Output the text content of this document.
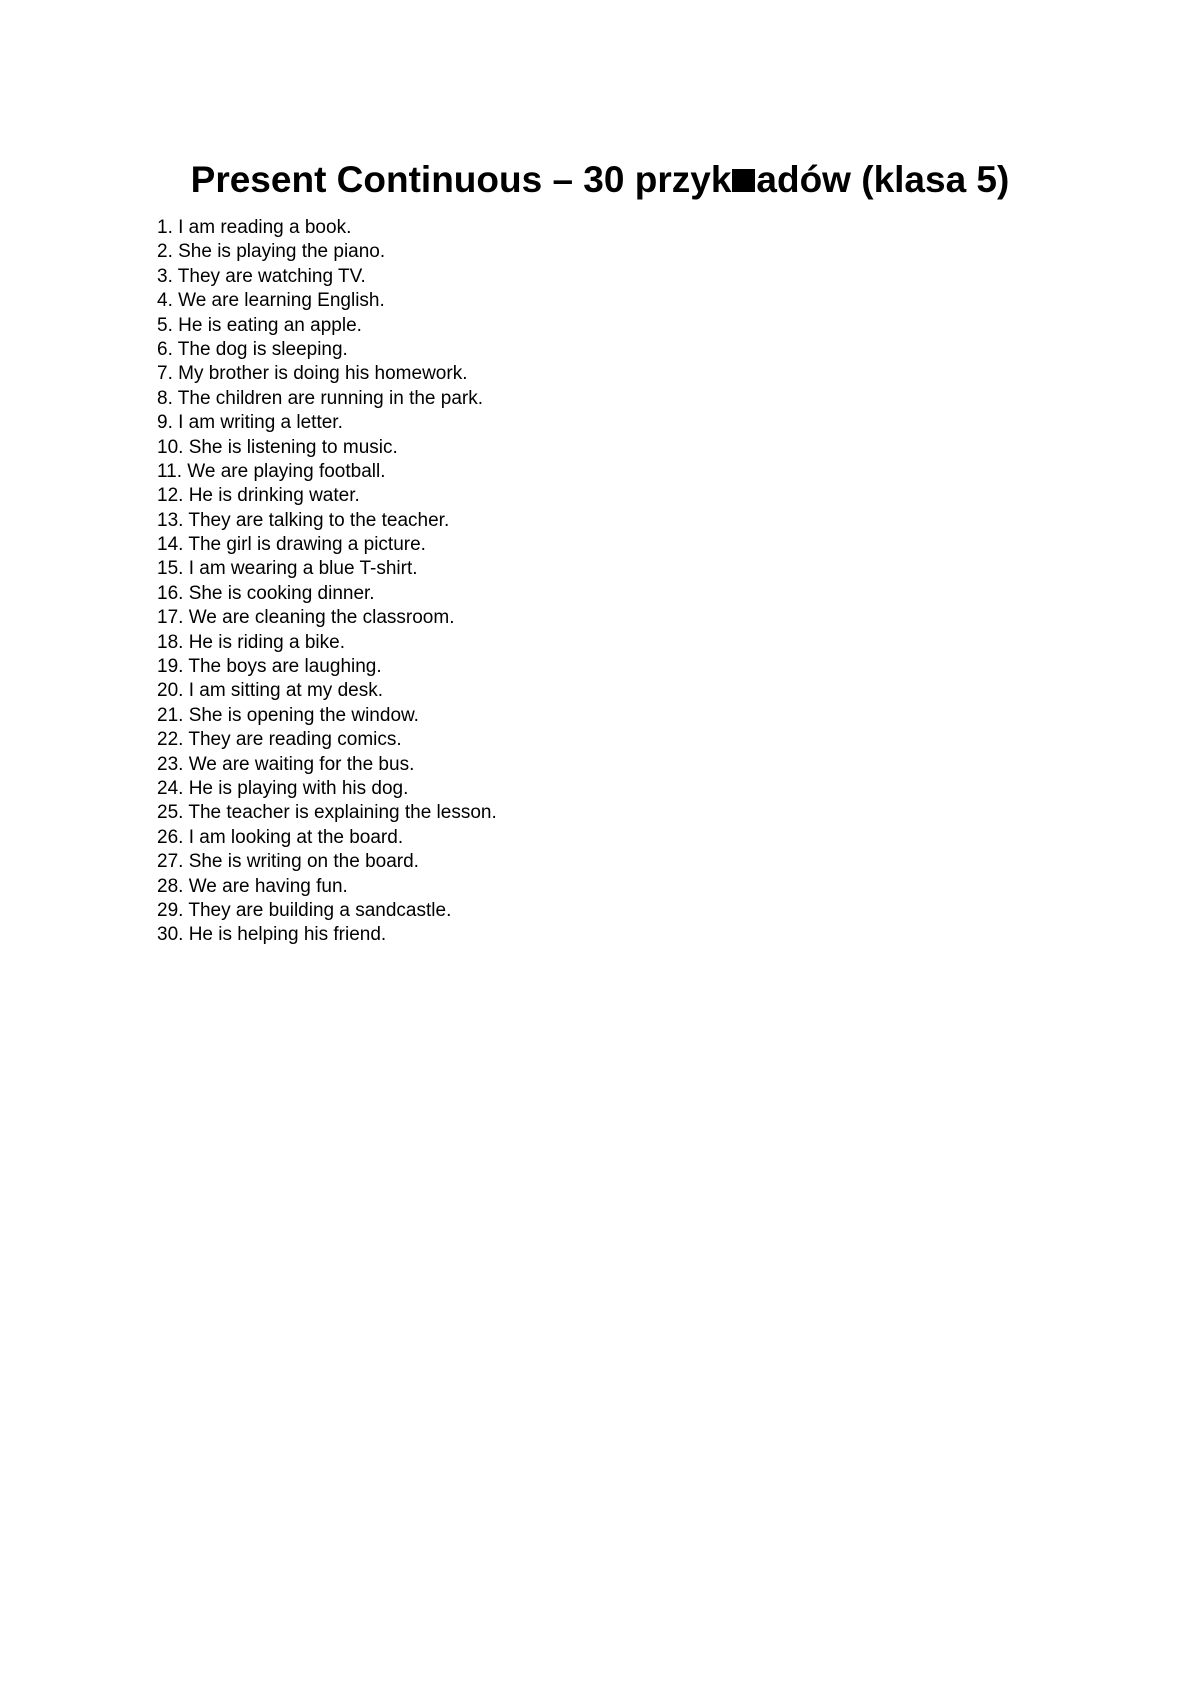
Present Continuous – 30 przyk adów (klasa 5)
1. I am reading a book.
2. She is playing the piano.
3. They are watching TV.
4. We are learning English.
5. He is eating an apple.
6. The dog is sleeping.
7. My brother is doing his homework.
8. The children are running in the park.
9. I am writing a letter.
10. She is listening to music.
11. We are playing football.
12. He is drinking water.
13. They are talking to the teacher.
14. The girl is drawing a picture.
15. I am wearing a blue T-shirt.
16. She is cooking dinner.
17. We are cleaning the classroom.
18. He is riding a bike.
19. The boys are laughing.
20. I am sitting at my desk.
21. She is opening the window.
22. They are reading comics.
23. We are waiting for the bus.
24. He is playing with his dog.
25. The teacher is explaining the lesson.
26. I am looking at the board.
27. She is writing on the board.
28. We are having fun.
29. They are building a sandcastle.
30. He is helping his friend.
